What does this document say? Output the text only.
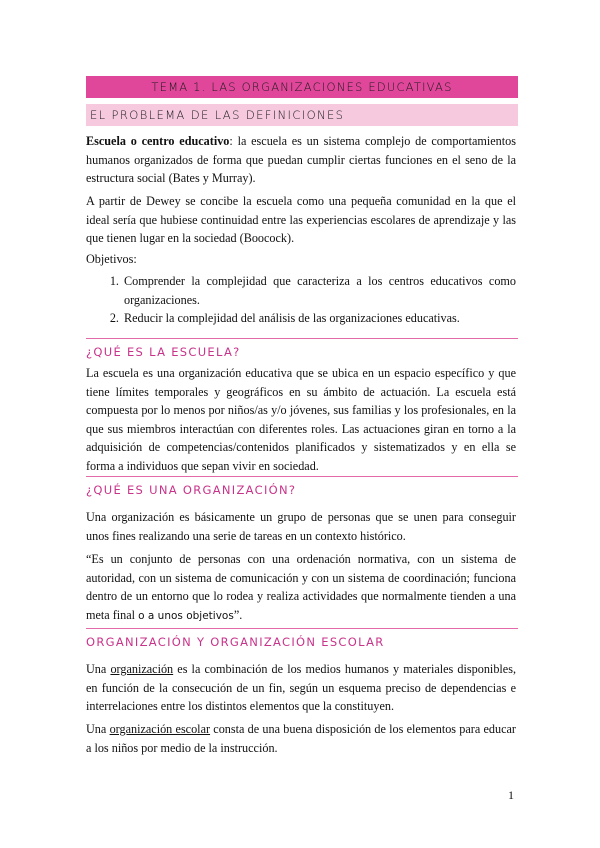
TEMA 1. LAS ORGANIZACIONES EDUCATIVAS
EL PROBLEMA DE LAS DEFINICIONES
Escuela o centro educativo: la escuela es un sistema complejo de comportamientos humanos organizados de forma que puedan cumplir ciertas funciones en el seno de la estructura social (Bates y Murray).
A partir de Dewey se concibe la escuela como una pequeña comunidad en la que el ideal sería que hubiese continuidad entre las experiencias escolares de aprendizaje y las que tienen lugar en la sociedad (Boocock).
Objetivos:
1. Comprender la complejidad que caracteriza a los centros educativos como organizaciones.
2. Reducir la complejidad del análisis de las organizaciones educativas.
¿QUÉ ES LA ESCUELA?
La escuela es una organización educativa que se ubica en un espacio específico y que tiene límites temporales y geográficos en su ámbito de actuación. La escuela está compuesta por lo menos por niños/as y/o jóvenes, sus familias y los profesionales, en la que sus miembros interactúan con diferentes roles. Las actuaciones giran en torno a la adquisición de competencias/contenidos planificados y sistematizados y en ella se forma a individuos que sepan vivir en sociedad.
¿QUÉ ES UNA ORGANIZACIÓN?
Una organización es básicamente un grupo de personas que se unen para conseguir unos fines realizando una serie de tareas en un contexto histórico.
“Es un conjunto de personas con una ordenación normativa, con un sistema de autoridad, con un sistema de comunicación y con un sistema de coordinación; funciona dentro de un entorno que lo rodea y realiza actividades que normalmente tienden a una meta final o a unos objetivos”.
ORGANIZACIÓN Y ORGANIZACIÓN ESCOLAR
Una organización es la combinación de los medios humanos y materiales disponibles, en función de la consecución de un fin, según un esquema preciso de dependencias e interrelaciones entre los distintos elementos que la constituyen.
Una organización escolar consta de una buena disposición de los elementos para educar a los niños por medio de la instrucción.
1
